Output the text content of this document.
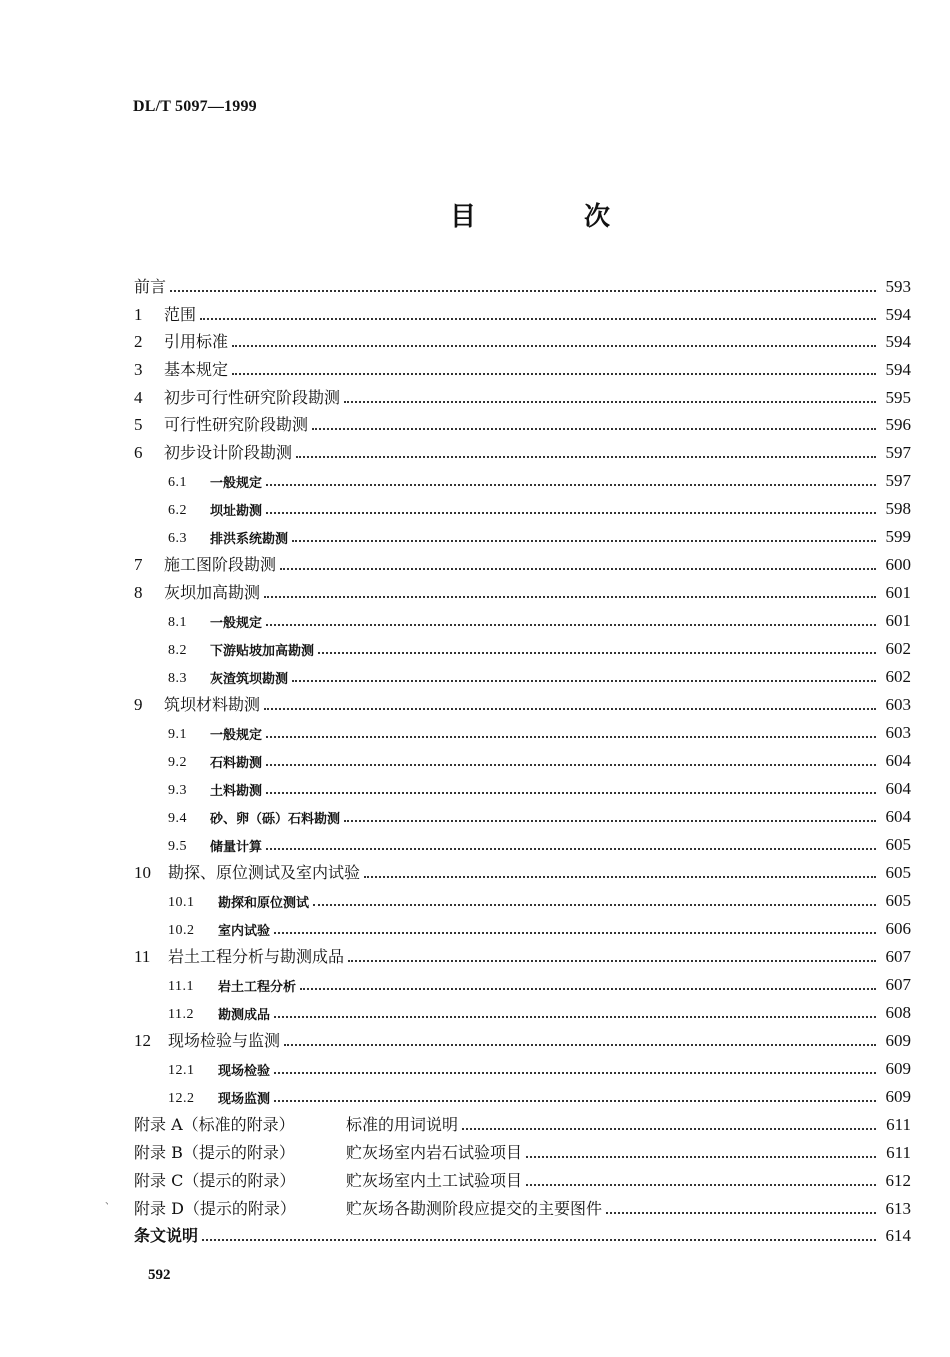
DL/T 5097—1999
目	次
前言	593
1	范围	594
2	引用标准	594
3	基本规定	594
4	初步可行性研究阶段勘测	595
5	可行性研究阶段勘测	596
6	初步设计阶段勘测	597
6.1	一般规定	597
6.2	坝址勘测	598
6.3	排洪系统勘测	599
7	施工图阶段勘测	600
8	灰坝加高勘测	601
8.1	一般规定	601
8.2	下游贴坡加高勘测	602
8.3	灰渣筑坝勘测	602
9	筑坝材料勘测	603
9.1	一般规定	603
9.2	石料勘测	604
9.3	土料勘测	604
9.4	砂、卵（砾）石料勘测	604
9.5	储量计算	605
10	勘探、原位测试及室内试验	605
10.1	勘探和原位测试	605
10.2	室内试验	606
11	岩土工程分析与勘测成品	607
11.1	岩土工程分析	607
11.2	勘测成品	608
12	现场检验与监测	609
12.1	现场检验	609
12.2	现场监测	609
附录 A（标准的附录）	标准的用词说明	611
附录 B（提示的附录）	贮灰场室内岩石试验项目	611
附录 C（提示的附录）	贮灰场室内土工试验项目	612
附录 D（提示的附录）	贮灰场各勘测阶段应提交的主要图件	613
条文说明	614
、
592
